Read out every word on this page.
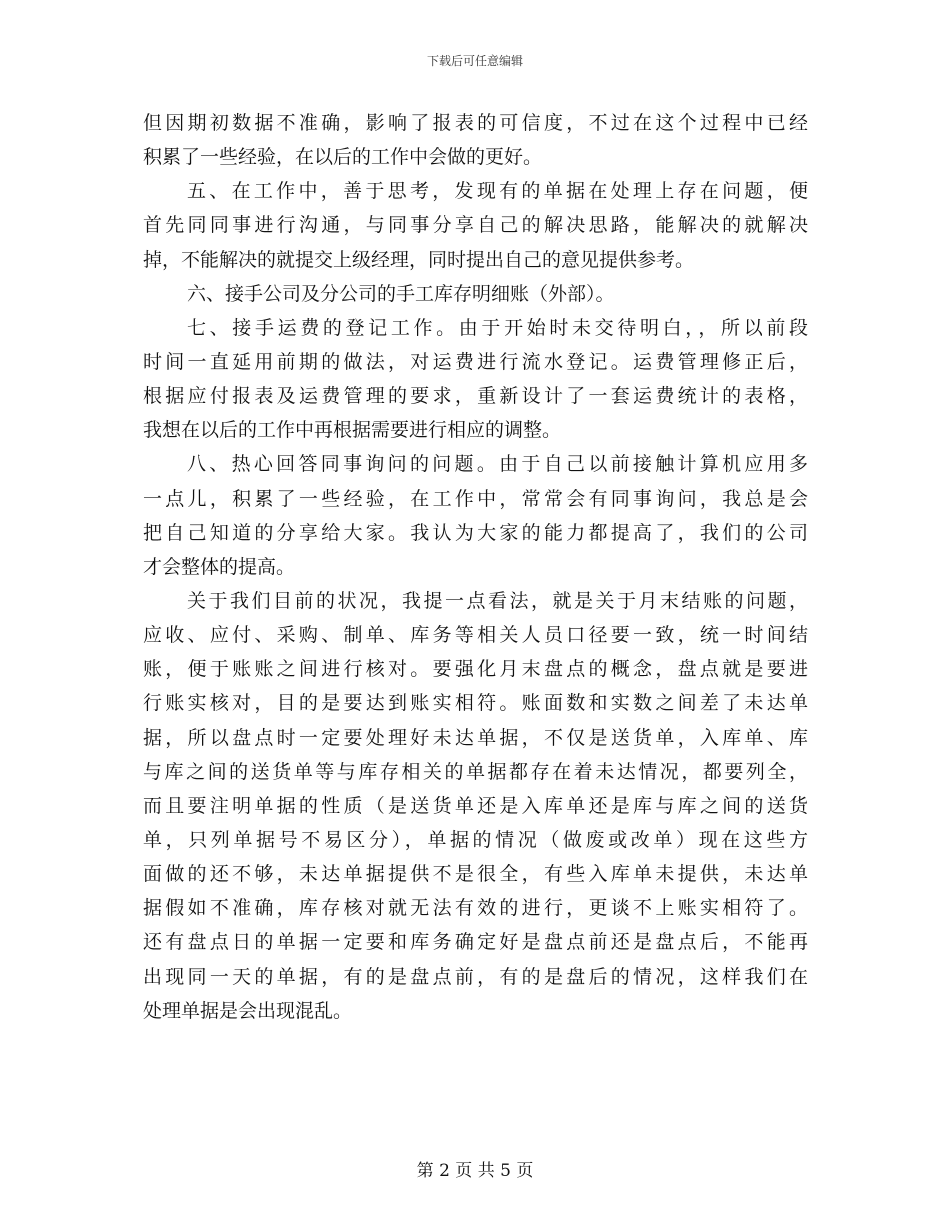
下载后可任意编辑
但因期初数据不准确，影响了报表的可信度，不过在这个过程中已经
积累了一些经验，在以后的工作中会做的更好。
五、在工作中，善于思考，发现有的单据在处理上存在问题，便
首先同同事进行沟通，与同事分享自己的解决思路，能解决的就解决
掉，不能解决的就提交上级经理，同时提出自己的意见提供参考。
六、接手公司及分公司的手工库存明细账（外部）。
七、接手运费的登记工作。由于开始时未交待明白，，所以前段
时间一直延用前期的做法，对运费进行流水登记。运费管理修正后，
根据应付报表及运费管理的要求，重新设计了一套运费统计的表格，
我想在以后的工作中再根据需要进行相应的调整。
八、热心回答同事询问的问题。由于自己以前接触计算机应用多
一点儿，积累了一些经验，在工作中，常常会有同事询问，我总是会
把自己知道的分享给大家。我认为大家的能力都提高了，我们的公司
才会整体的提高。
关于我们目前的状况，我提一点看法，就是关于月末结账的问题，
应收、应付、采购、制单、库务等相关人员口径要一致，统一时间结
账，便于账账之间进行核对。要强化月末盘点的概念，盘点就是要进
行账实核对，目的是要达到账实相符。账面数和实数之间差了未达单
据，所以盘点时一定要处理好未达单据，不仅是送货单，入库单、库
与库之间的送货单等与库存相关的单据都存在着未达情况，都要列全，
而且要注明单据的性质（是送货单还是入库单还是库与库之间的送货
单，只列单据号不易区分），单据的情况（做废或改单）现在这些方
面做的还不够，未达单据提供不是很全，有些入库单未提供，未达单
据假如不准确，库存核对就无法有效的进行，更谈不上账实相符了。
还有盘点日的单据一定要和库务确定好是盘点前还是盘点后，不能再
出现同一天的单据，有的是盘点前，有的是盘后的情况，这样我们在
处理单据是会出现混乱。
第 2 页 共 5 页
